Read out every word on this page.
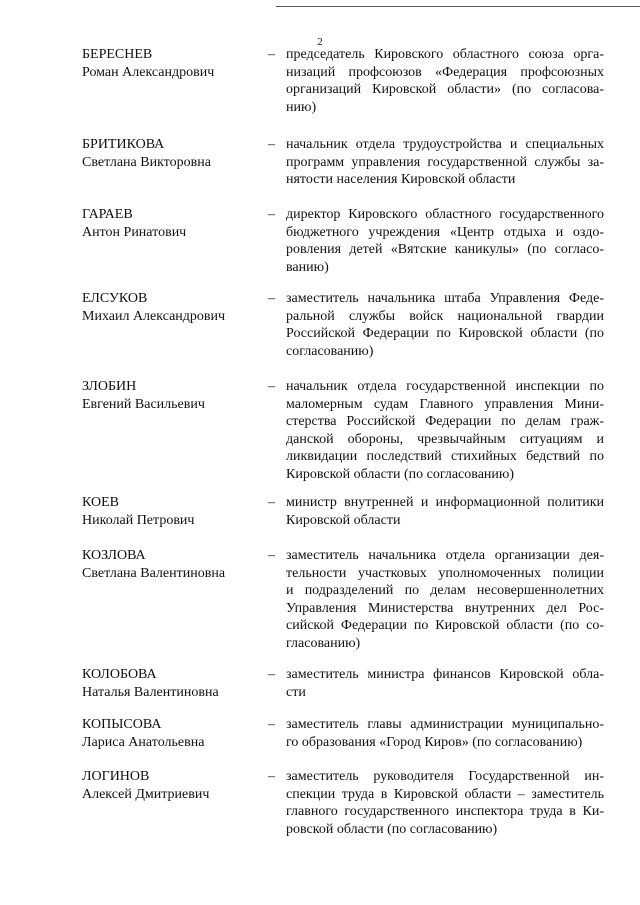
2
БЕРЕСНЕВ
Роман Александрович
– председатель Кировского областного союза орга-
низаций профсоюзов «Федерация профсоюзных
организаций Кировской области» (по согласова-
нию)
БРИТИКОВА
Светлана Викторовна
– начальник отдела трудоустройства и специальных
программ управления государственной службы за-
нятости населения Кировской области
ГАРАЕВ
Антон Ринатович
– директор Кировского областного государственного
бюджетного учреждения «Центр отдыха и оздо-
ровления детей «Вятские каникулы» (по согласо-
ванию)
ЕЛСУКОВ
Михаил Александрович
– заместитель начальника штаба Управления Феде-
ральной службы войск национальной гвардии
Российской Федерации по Кировской области (по
согласованию)
ЗЛОБИН
Евгений Васильевич
– начальник отдела государственной инспекции по
маломерным судам Главного управления Мини-
стерства Российской Федерации по делам граж-
данской обороны, чрезвычайным ситуациям и
ликвидации последствий стихийных бедствий по
Кировской области (по согласованию)
КОЕВ
Николай Петрович
– министр внутренней и информационной политики
Кировской области
КОЗЛОВА
Светлана Валентиновна
– заместитель начальника отдела организации дея-
тельности участковых уполномоченных полиции
и подразделений по делам несовершеннолетних
Управления Министерства внутренних дел Рос-
сийской Федерации по Кировской области (по со-
гласованию)
КОЛОБОВА
Наталья Валентиновна
– заместитель министра финансов Кировской обла-
сти
КОПЫСОВА
Лариса Анатольевна
– заместитель главы администрации муниципально-
го образования «Город Киров» (по согласованию)
ЛОГИНОВ
Алексей Дмитриевич
– заместитель руководителя Государственной ин-
спекции труда в Кировской области – заместитель
главного государственного инспектора труда в Ки-
ровской области (по согласованию)
